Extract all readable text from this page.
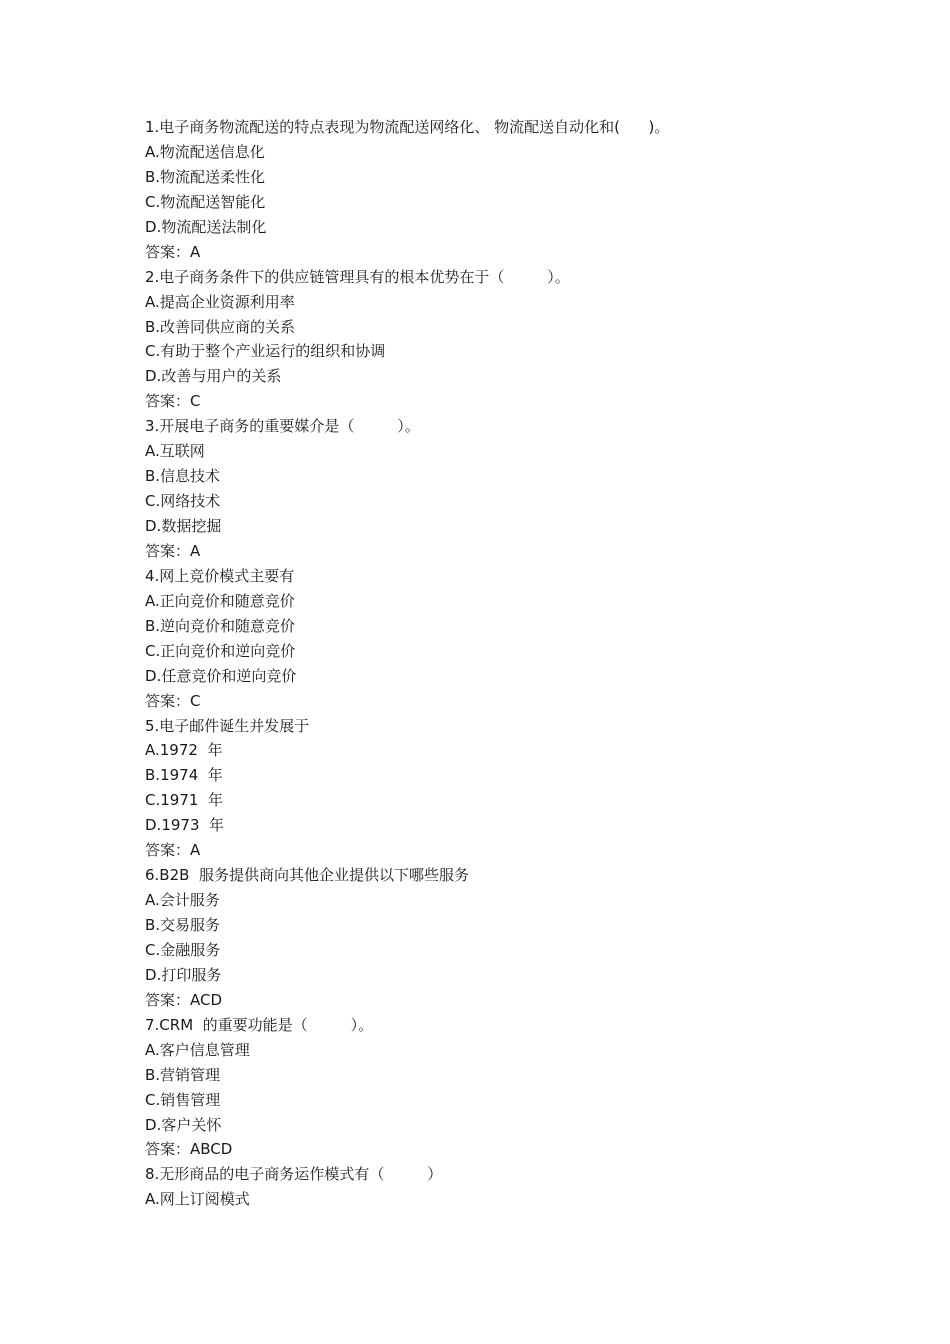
1.电子商务物流配送的特点表现为物流配送网络化、 物流配送自动化和(      )。
A.物流配送信息化
B.物流配送柔性化
C.物流配送智能化
D.物流配送法制化
答案：A
2.电子商务条件下的供应链管理具有的根本优势在于（         ）。
A.提高企业资源利用率
B.改善同供应商的关系
C.有助于整个产业运行的组织和协调
D.改善与用户的关系
答案：C
3.开展电子商务的重要媒介是（         ）。
A.互联网
B.信息技术
C.网络技术
D.数据挖掘
答案：A
4.网上竞价模式主要有
A.正向竞价和随意竞价
B.逆向竞价和随意竞价
C.正向竞价和逆向竞价
D.任意竞价和逆向竞价
答案：C
5.电子邮件诞生并发展于
A.1972  年
B.1974  年
C.1971  年
D.1973  年
答案：A
6.B2B  服务提供商向其他企业提供以下哪些服务
A.会计服务
B.交易服务
C.金融服务
D.打印服务
答案：ACD
7.CRM  的重要功能是（         ）。
A.客户信息管理
B.营销管理
C.销售管理
D.客户关怀
答案：ABCD
8.无形商品的电子商务运作模式有（         ）
A.网上订阅模式
